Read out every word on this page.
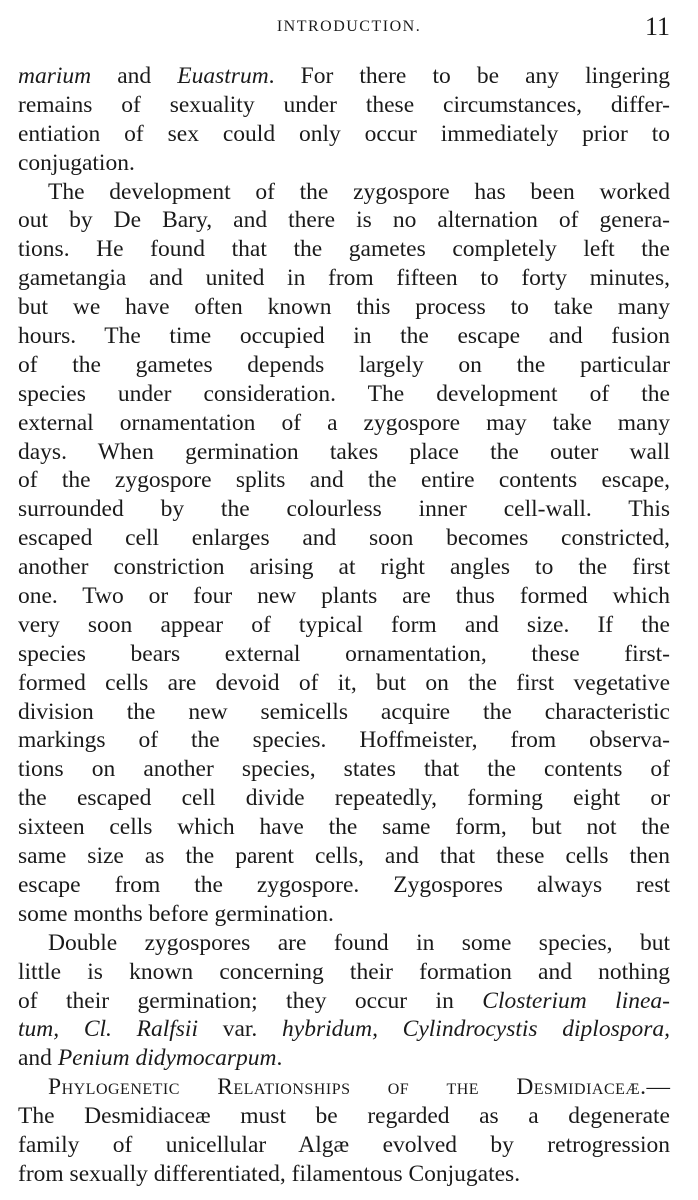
INTRODUCTION.	11
marium and Euastrum. For there to be any lingering
remains of sexuality under these circumstances, differ-
entiation of sex could only occur immediately prior to
conjugation.
The development of the zygospore has been worked
out by De Bary, and there is no alternation of genera-
tions. He found that the gametes completely left the
gametangia and united in from fifteen to forty minutes,
but we have often known this process to take many
hours. The time occupied in the escape and fusion
of the gametes depends largely on the particular
species under consideration. The development of the
external ornamentation of a zygospore may take many
days. When germination takes place the outer wall
of the zygospore splits and the entire contents escape,
surrounded by the colourless inner cell-wall. This
escaped cell enlarges and soon becomes constricted,
another constriction arising at right angles to the first
one. Two or four new plants are thus formed which
very soon appear of typical form and size. If the
species bears external ornamentation, these first-
formed cells are devoid of it, but on the first vegetative
division the new semicells acquire the characteristic
markings of the species. Hoffmeister, from observa-
tions on another species, states that the contents of
the escaped cell divide repeatedly, forming eight or
sixteen cells which have the same form, but not the
same size as the parent cells, and that these cells then
escape from the zygospore. Zygospores always rest
some months before germination.
Double zygospores are found in some species, but
little is known concerning their formation and nothing
of their germination; they occur in Closterium linea-
tum, Cl. Ralfsii var. hybridum, Cylindrocystis diplospora,
and Penium didymocarpum.
Phylogenetic Relationships of the Desmidiaceæ.—
The Desmidiaceæ must be regarded as a degenerate
family of unicellular Algæ evolved by retrogression
from sexually differentiated, filamentous Conjugates.
